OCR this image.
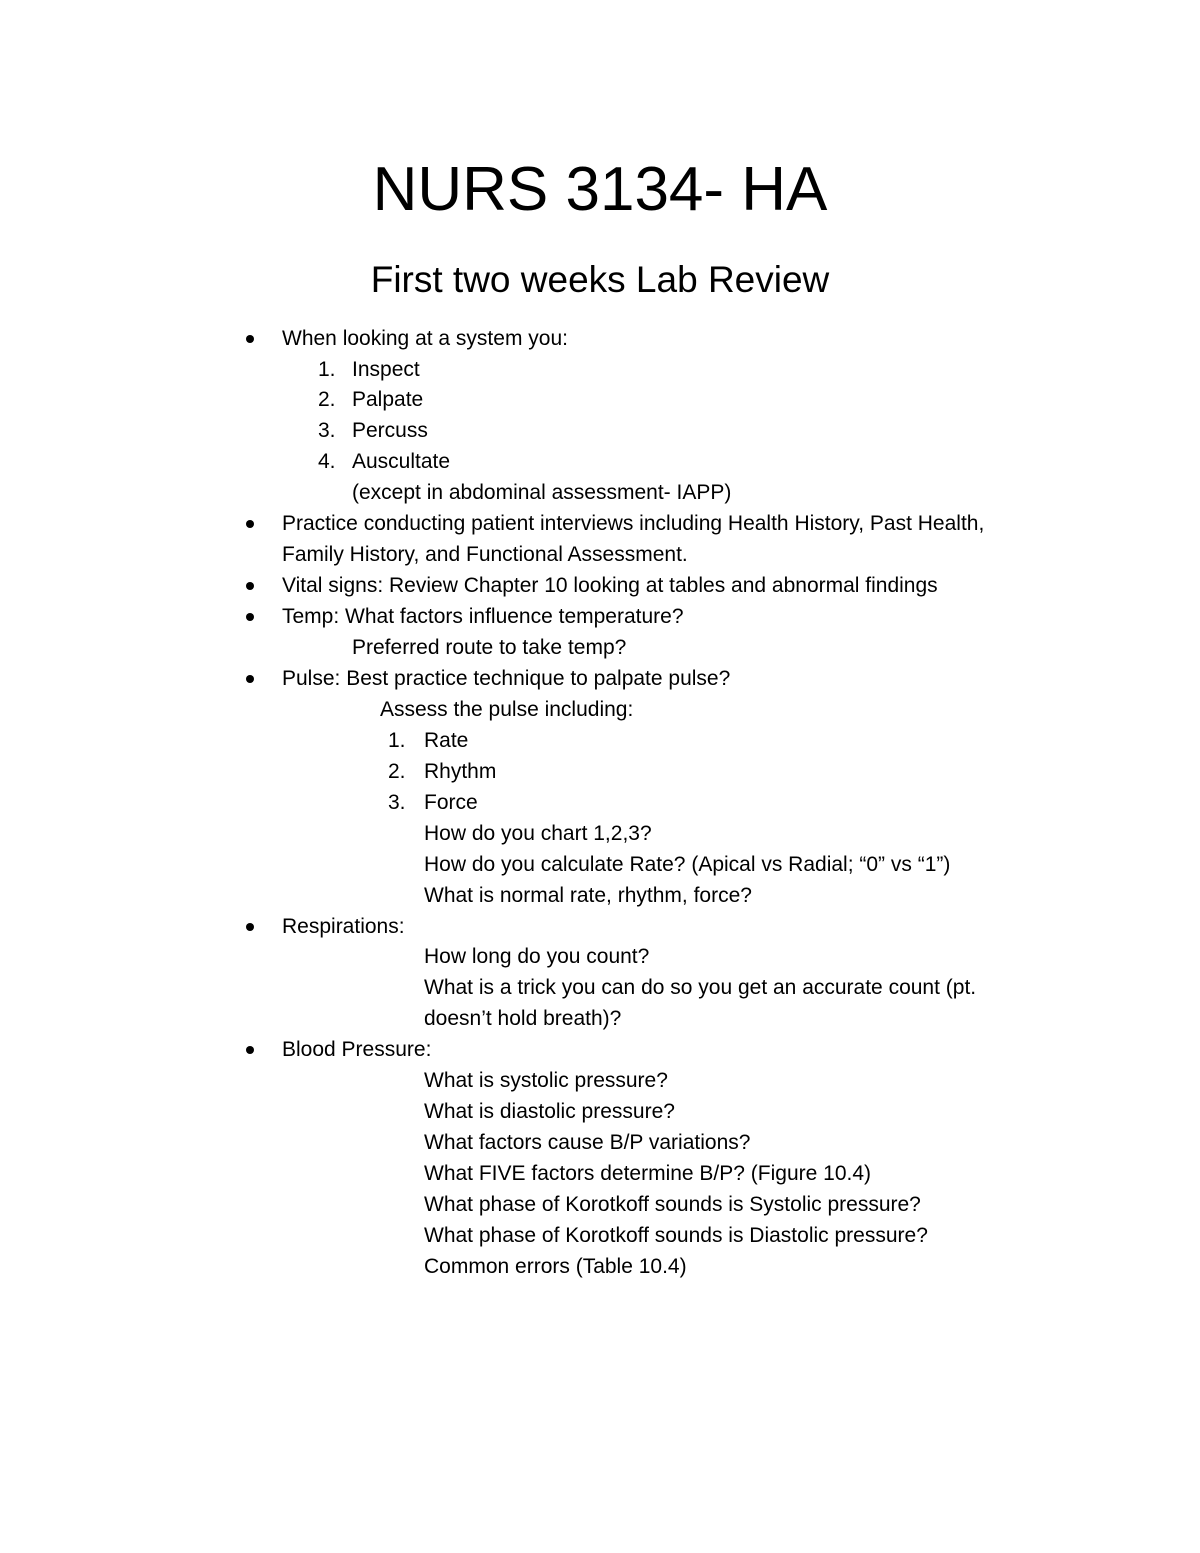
NURS 3134- HA
First two weeks Lab Review
When looking at a system you:
1. Inspect
2. Palpate
3. Percuss
4. Auscultate
(except in abdominal assessment- IAPP)
Practice conducting patient interviews including Health History, Past Health,
Family History, and Functional Assessment.
Vital signs: Review Chapter 10 looking at tables and abnormal findings
Temp: What factors influence temperature?
Preferred route to take temp?
Pulse: Best practice technique to palpate pulse?
Assess the pulse including:
1. Rate
2. Rhythm
3. Force
How do you chart 1,2,3?
How do you calculate Rate? (Apical vs Radial; “0” vs “1”)
What is normal rate, rhythm, force?
Respirations:
How long do you count?
What is a trick you can do so you get an accurate count (pt.
doesn’t hold breath)?
Blood Pressure:
What is systolic pressure?
What is diastolic pressure?
What factors cause B/P variations?
What FIVE factors determine B/P? (Figure 10.4)
What phase of Korotkoff sounds is Systolic pressure?
What phase of Korotkoff sounds is Diastolic pressure?
Common errors (Table 10.4)
